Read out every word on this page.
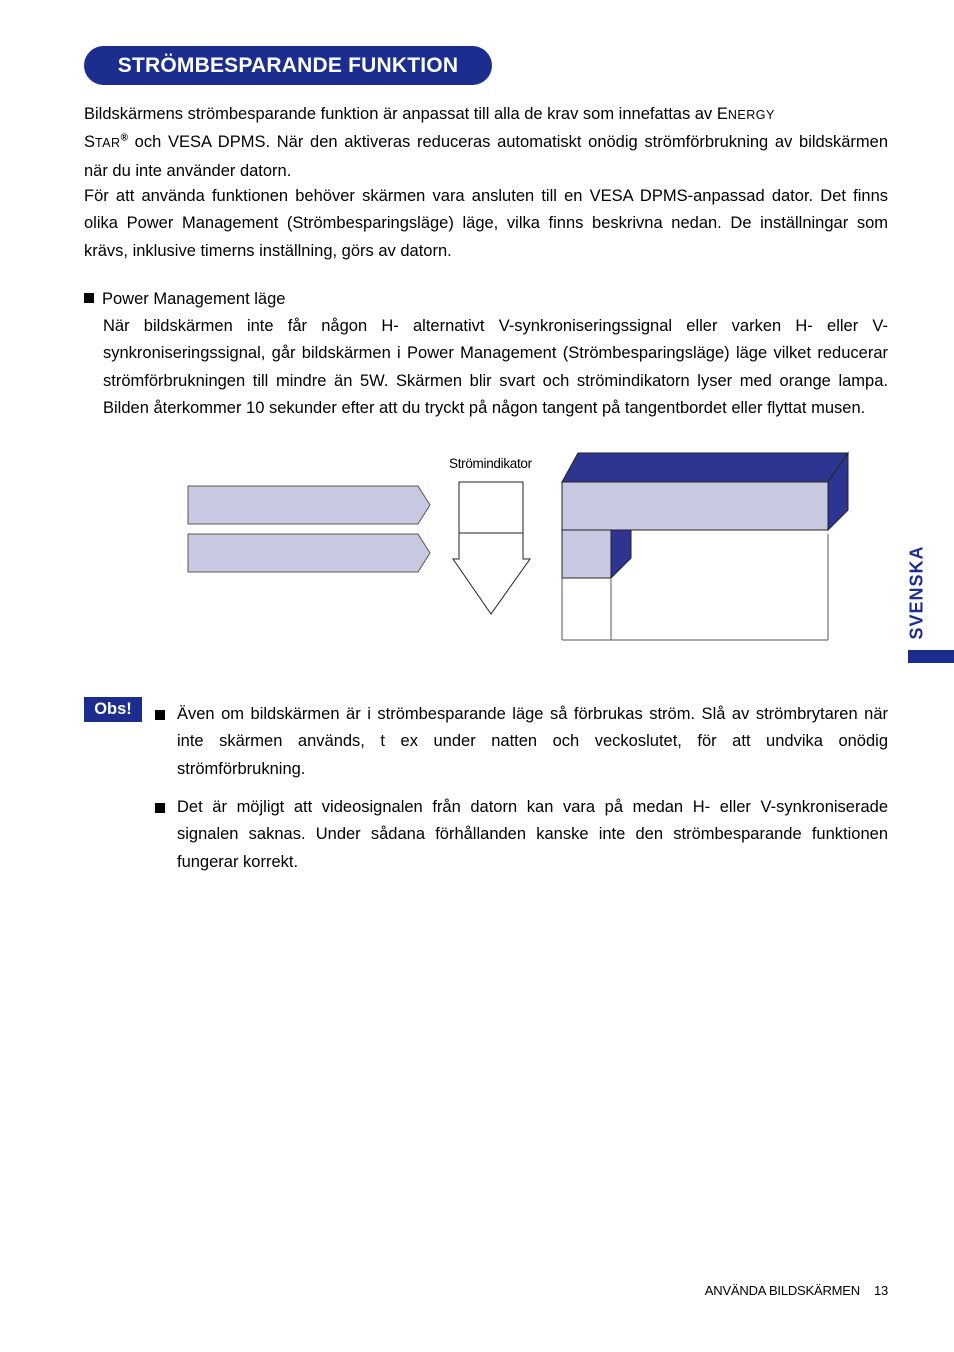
STRÖMBESPARANDE FUNKTION

Bildskärmens strömbesparande funktion är anpassat till alla de krav som innefattas av ENERGY
STAR® och VESA DPMS. När den aktiveras reduceras automatiskt onödig strömförbrukning av bildskärmen när du inte använder datorn.

För att använda funktionen behöver skärmen vara ansluten till en VESA DPMS-anpassad dator. Det finns olika Power Management (Strömbesparingsläge) läge, vilka finns beskrivna nedan. De inställningar som krävs, inklusive timerns inställning, görs av datorn.

Power Management läge

När bildskärmen inte får någon H- alternativt V-synkroniseringssignal eller varken H- eller V-synkroniseringssignal, går bildskärmen i Power Management (Strömbesparingsläge) läge vilket reducerar strömförbrukningen till mindre än 5W. Skärmen blir svart och strömindikatorn lyser med orange lampa. Bilden återkommer 10 sekunder efter att du tryckt på någon tangent på tangentbordet eller flyttat musen.

Strömindikator
SVENSKA
Obs!	Även om bildskärmen är i strömbesparande läge så förbrukas ström. Slå av strömbrytaren när inte skärmen används, t ex under natten och veckoslutet, för att undvika onödig strömförbrukning.

Det är möjligt att videosignalen från datorn kan vara på medan H- eller V-synkroniserade signalen saknas. Under sådana förhållanden kanske inte den strömbesparande funktionen fungerar korrekt.

ANVÄNDA BILDSKÄRMEN 13
